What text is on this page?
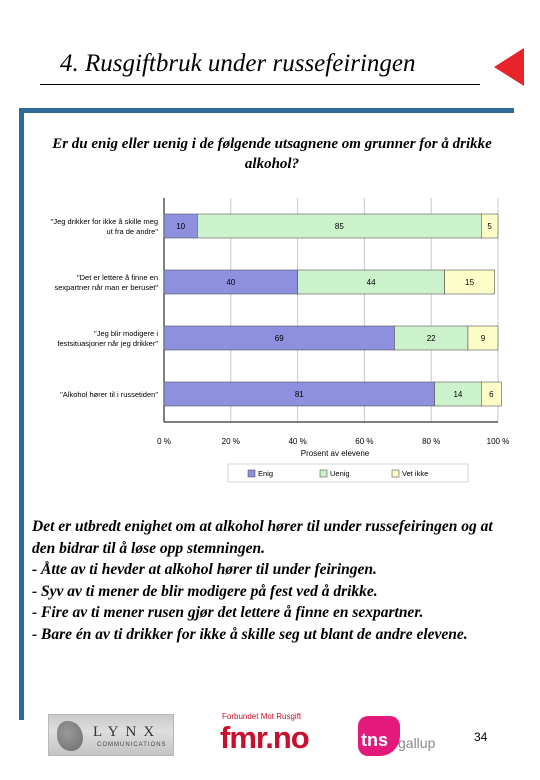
4. Rusgiftbruk under russefeiringen
Er du enig eller uenig i de følgende utsagnene om grunner for å drikke alkohol?
0 %	20 %	40 %	60 %	80 %	100 %
Prosent av elevene
10	85	5
"Jeg drikker for ikke å skille meg
ut fra de andre"
40	44	15
"Det er lettere å finne en
sexpartner når man er beruset"
69	22	9
"Jeg blir modigere i
festsituasjoner når jeg drikker"
81	14	6
"Alkohol hører til i russetiden"
Enig	Uenig	Vet ikke
Det er utbredt enighet om at alkohol hører til under russefeiringen og at den bidrar til å løse opp stemningen.
- Åtte av ti hevder at alkohol hører til under feiringen.
- Syv av ti mener de blir modigere på fest ved å drikke.
- Fire av ti mener rusen gjør det lettere å finne en sexpartner.
- Bare én av ti drikker for ikke å skille seg ut blant de andre elevene.
LYNX
COMMUNICATIONS
Forbundet Mot Rusgift
fmr.no	tns gallup	34
